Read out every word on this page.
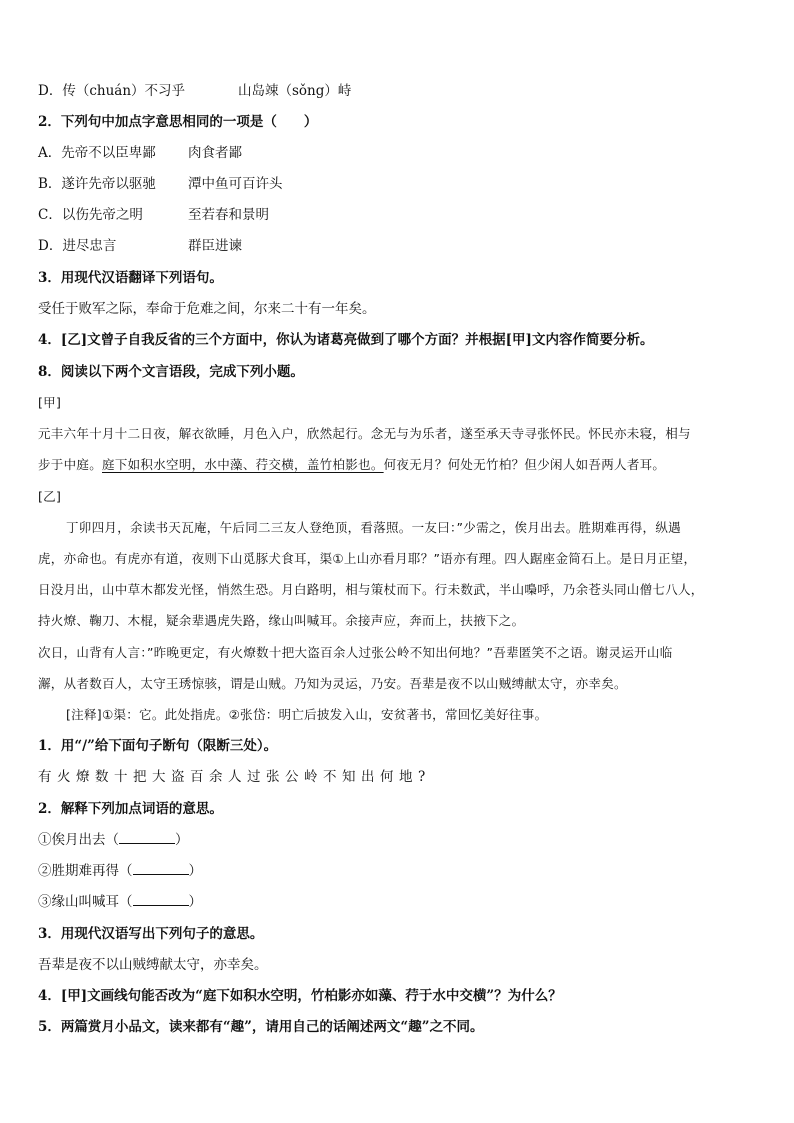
D．传（chuán）不习乎	山岛竦（sǒng）峙
2．下列句中加点字意思相同的一项是（　　）
A．先帝不以臣卑鄙 肉食者鄙
B．遂许先帝以驱驰 潭中鱼可百许头
C．以伤先帝之明	至若春和景明
D．进尽忠言	群臣进谏
3．用现代汉语翻译下列语句。
受任于败军之际，奉命于危难之间，尔来二十有一年矣。
4．[乙]文曾子自我反省的三个方面中，你认为诸葛亮做到了哪个方面？并根据[甲]文内容作简要分析。
8．阅读以下两个文言语段，完成下列小题。
[甲]
元丰六年十月十二日夜，解衣欲睡，月色入户，欣然起行。念无与为乐者，遂至承天寺寻张怀民。怀民亦未寝，相与
步于中庭。庭下如积水空明，水中藻、荇交横，盖竹柏影也。何夜无月？何处无竹柏？但少闲人如吾两人者耳。
[乙]
丁卯四月，余读书天瓦庵，午后同二三友人登绝顶，看落照。一友曰：”少需之，俟月出去。胜期难再得，纵遇
虎，亦命也。有虎亦有道，夜则下山觅豚犬食耳，渠①上山亦看月耶？”语亦有理。四人踞座金简石上。是日月正望，
日没月出，山中草木都发光怪，悄然生恐。月白路明，相与策杖而下。行未数武，半山嘄呼，乃余苍头同山僧七八人，
持火燎、鞠刀、木棍，疑余辈遇虎失路，缘山叫喊耳。余接声应，奔而上，扶掖下之。
次日，山背有人言：”昨晚更定，有火燎数十把大盗百余人过张公岭不知出何地？”吾辈匿笑不之语。谢灵运开山临
澥，从者数百人，太守王琇惊骇，谓是山贼。乃知为灵运，乃安。吾辈是夜不以山贼缚献太守，亦幸矣。
[注释]①渠：它。此处指虎。②张岱：明亡后披发入山，安贫著书，常回忆美好往事。
1．用“/”给下面句子断句（限断三处）。
有火燎数十把大盗百余人过张公岭不知出何地?
2．解释下列加点词语的意思。
①俟月出去（	）
②胜期难再得（	）
③缘山叫喊耳（	）
3．用现代汉语写出下列句子的意思。
吾辈是夜不以山贼缚献太守，亦幸矣。
4．[甲]文画线句能否改为“庭下如积水空明，竹柏影亦如藻、荇于水中交横”？为什么？
5．两篇赏月小品文，读来都有“趣”，请用自己的话阐述两文“趣”之不同。
